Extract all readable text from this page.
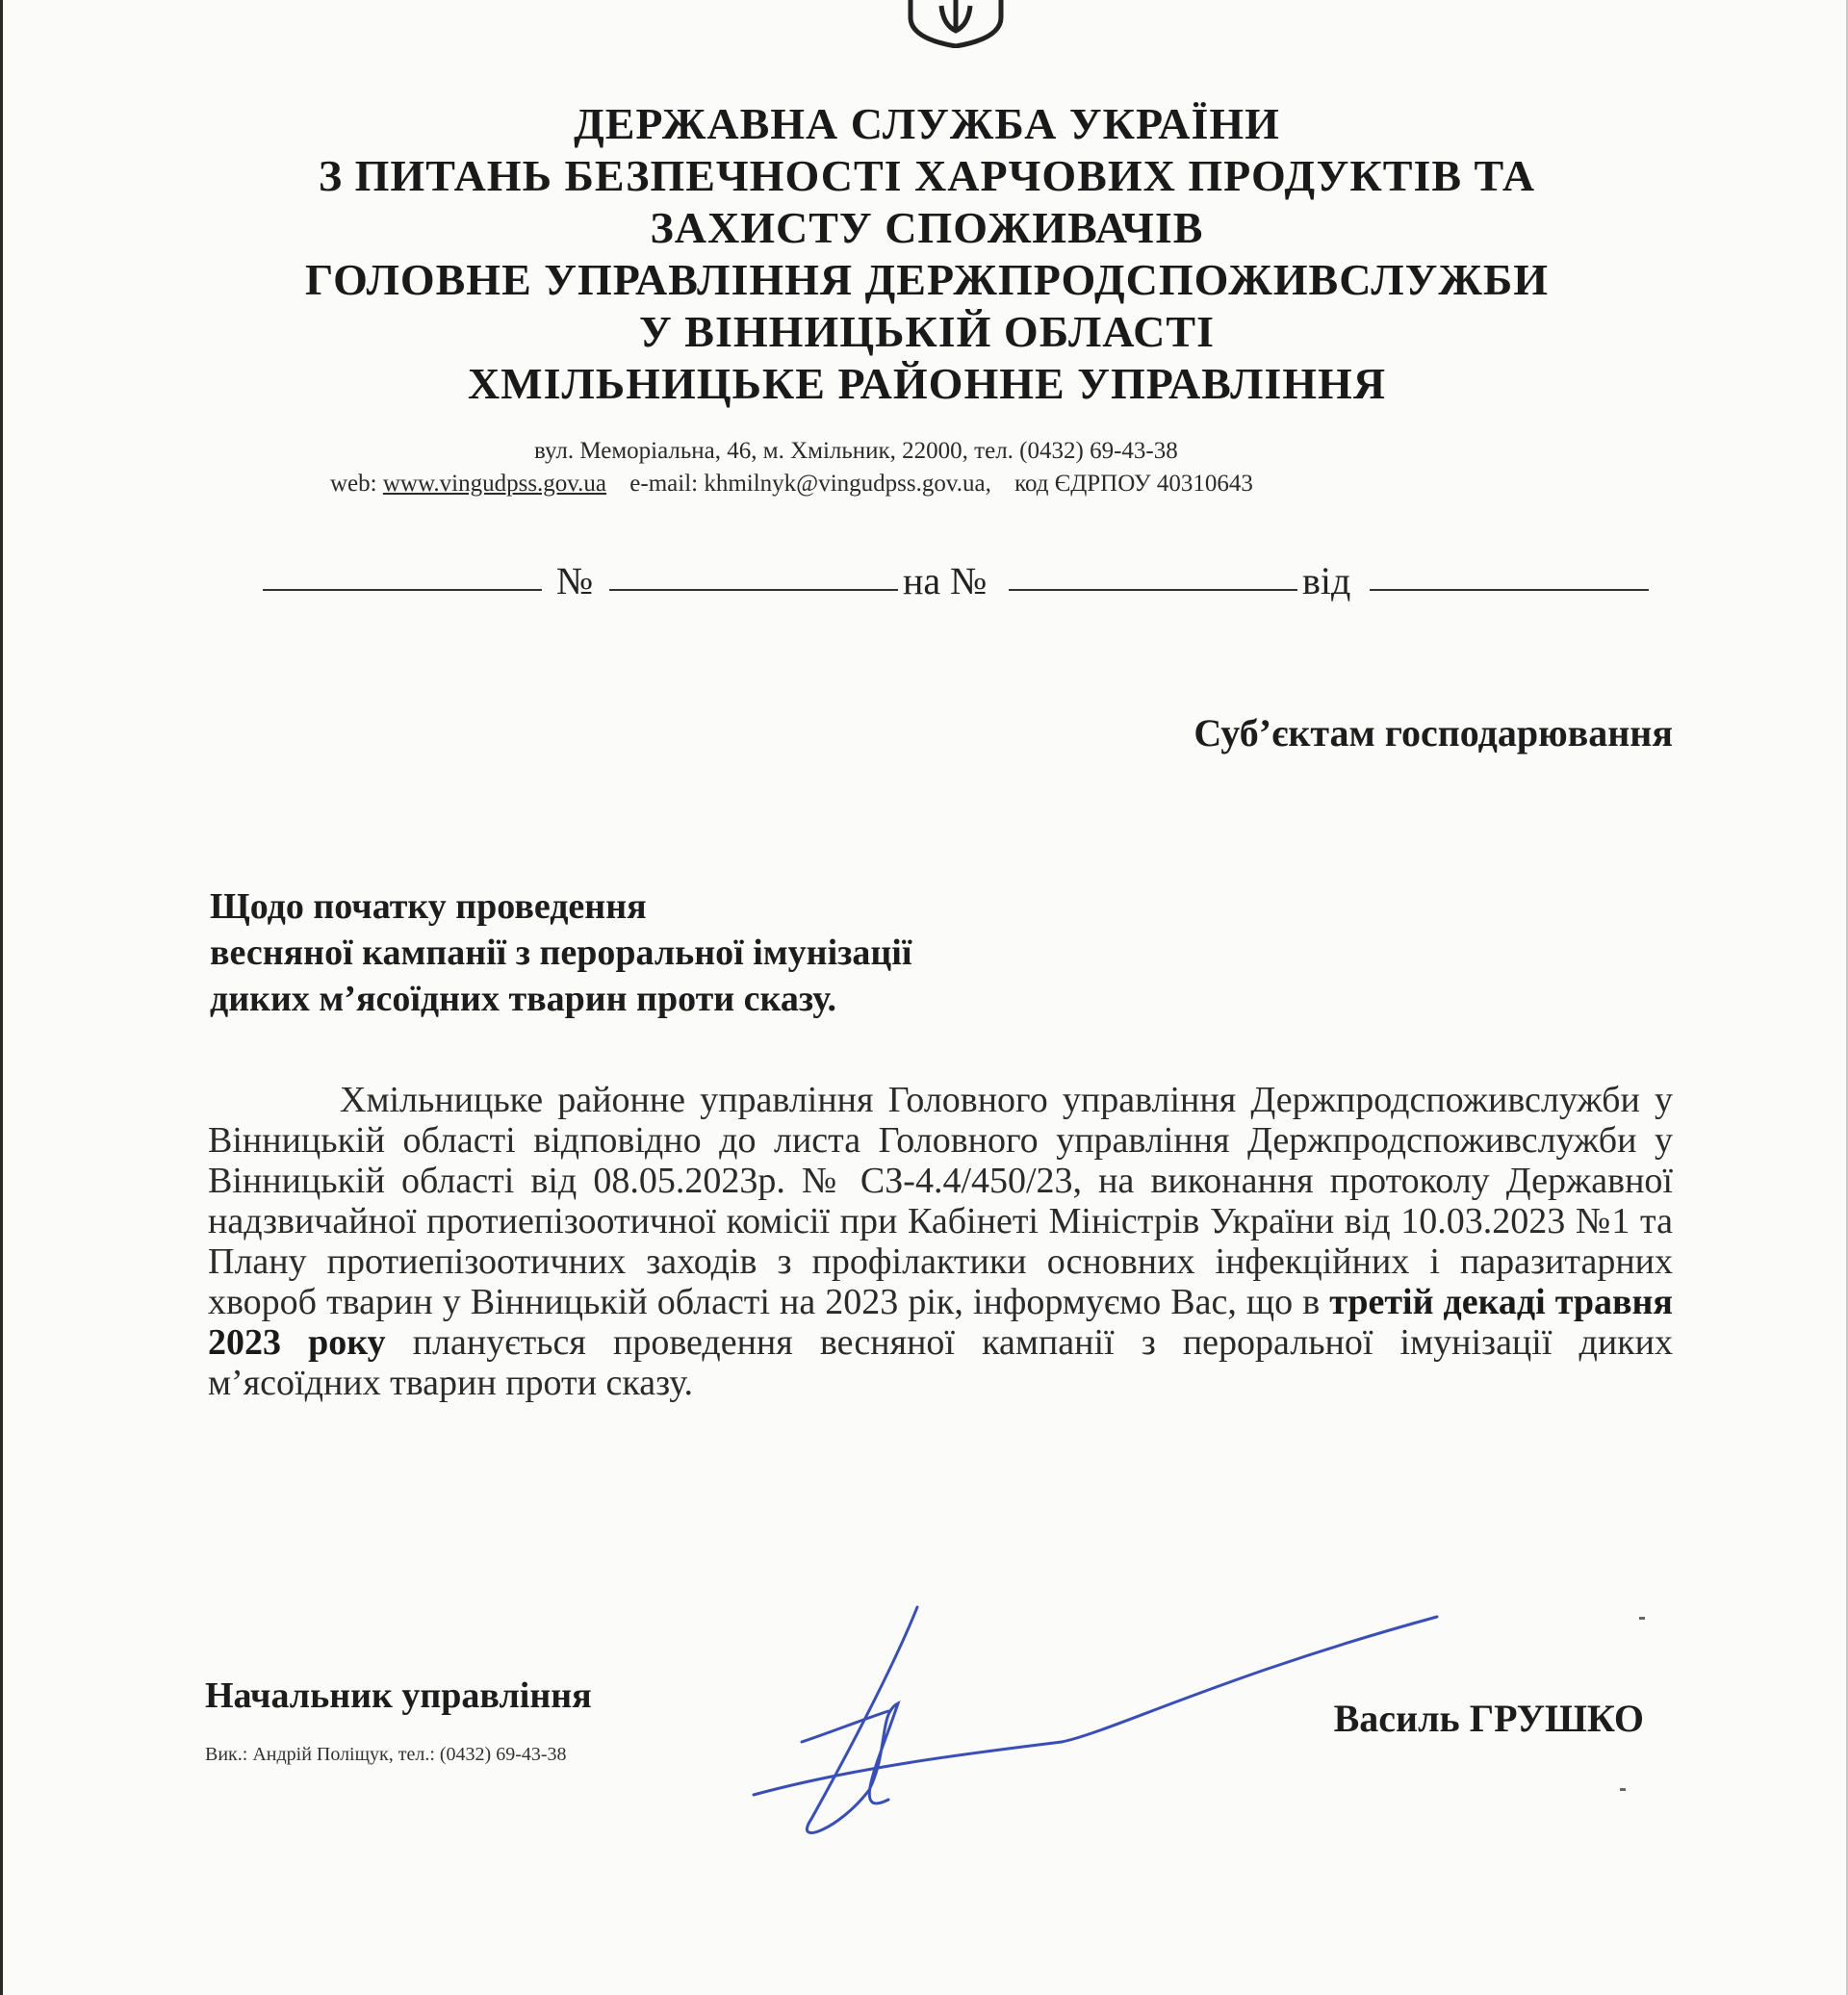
ДЕРЖАВНА СЛУЖБА УКРАЇНИ
З ПИТАНЬ БЕЗПЕЧНОСТІ ХАРЧОВИХ ПРОДУКТІВ ТА
ЗАХИСТУ СПОЖИВАЧІВ
ГОЛОВНЕ УПРАВЛІННЯ ДЕРЖПРОДСПОЖИВСЛУЖБИ
У ВІННИЦЬКІЙ ОБЛАСТІ
ХМІЛЬНИЦЬКЕ РАЙОННЕ УПРАВЛІННЯ
вул. Меморіальна, 46, м. Хмільник, 22000, тел. (0432) 69-43-38
web: www.vingudpss.gov.ua e-mail: khmilnyk@vingudpss.gov.ua, код ЄДРПОУ 40310643
№	на №	від
Суб’єктам господарювання
Щодо початку проведення
весняної кампанії з пероральної імунізації
диких м’ясоїдних тварин проти сказу.
Хмільницьке районне управління Головного управління Держпродспоживслужби у Вінницькій області відповідно до листа Головного управління Держпродспоживслужби у Вінницькій області від 08.05.2023р. № СЗ-4.4/450/23, на виконання протоколу Державної надзвичайної протиепізоотичної комісії при Кабінеті Міністрів України від 10.03.2023 №1 та Плану протиепізоотичних заходів з профілактики основних інфекційних і паразитарних хвороб тварин у Вінницькій області на 2023 рік, інформуємо Вас, що в третій декаді травня 2023 року планується проведення весняної кампанії з пероральної імунізації диких м’ясоїдних тварин проти сказу.
Начальник управління
Вик.: Андрій Поліщук, тел.: (0432) 69-43-38
Василь ГРУШКО
